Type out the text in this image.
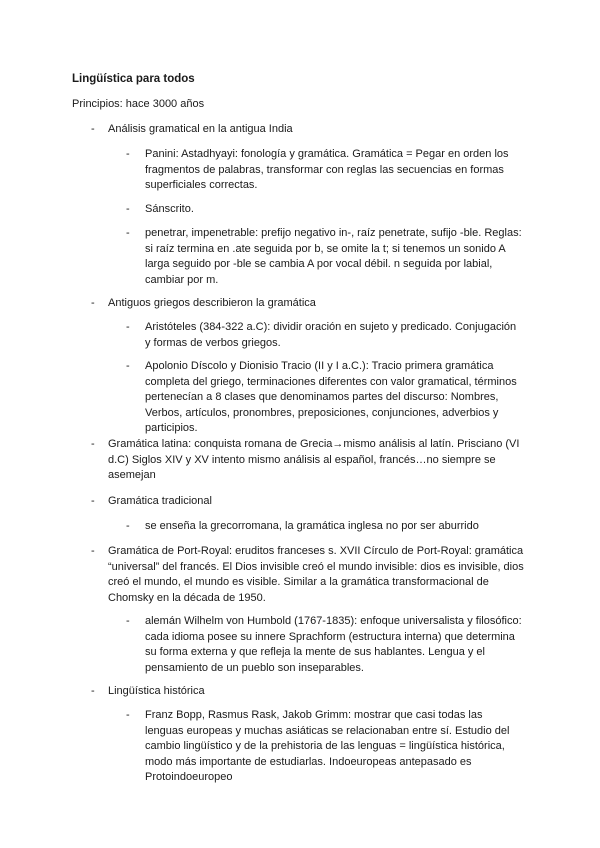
Lingüística para todos
Principios: hace 3000 años
- Análisis gramatical en la antigua India
- Panini: Astadhyayi: fonología y gramática. Gramática = Pegar en orden los fragmentos de palabras, transformar con reglas las secuencias en formas superficiales correctas.
- Sánscrito.
- penetrar, impenetrable: prefijo negativo in-, raíz penetrate, sufijo -ble. Reglas: si raíz termina en .ate seguida por b, se omite la t; si tenemos un sonido A larga seguido por -ble se cambia A por vocal débil. n seguida por labial, cambiar por m.
- Antiguos griegos describieron la gramática
- Aristóteles (384-322 a.C): dividir oración en sujeto y predicado. Conjugación y formas de verbos griegos.
- Apolonio Díscolo y Dionisio Tracio (II y I a.C.): Tracio primera gramática completa del griego, terminaciones diferentes con valor gramatical, términos pertenecían a 8 clases que denominamos partes del discurso: Nombres, Verbos, artículos, pronombres, preposiciones, conjunciones, adverbios y participios.
- Gramática latina: conquista romana de Grecia→mismo análisis al latín. Prisciano (VI d.C) Siglos XIV y XV intento mismo análisis al español, francés…no siempre se asemejan
- Gramática tradicional
- se enseña la grecorromana, la gramática inglesa no por ser aburrido
- Gramática de Port-Royal: eruditos franceses s. XVII Círculo de Port-Royal: gramática “universal” del francés. El Dios invisible creó el mundo invisible: dios es invisible, dios creó el mundo, el mundo es visible. Similar a la gramática transformacional de Chomsky en la década de 1950.
- alemán Wilhelm von Humbold (1767-1835): enfoque universalista y filosófico: cada idioma posee su innere Sprachform (estructura interna) que determina su forma externa y que refleja la mente de sus hablantes. Lengua y el pensamiento de un pueblo son inseparables.
- Lingüística histórica
- Franz Bopp, Rasmus Rask, Jakob Grimm: mostrar que casi todas las lenguas europeas y muchas asiáticas se relacionaban entre sí. Estudio del cambio lingüístico y de la prehistoria de las lenguas = lingüística histórica, modo más importante de estudiarlas. Indoeuropeas antepasado es Protoindoeuropeo
